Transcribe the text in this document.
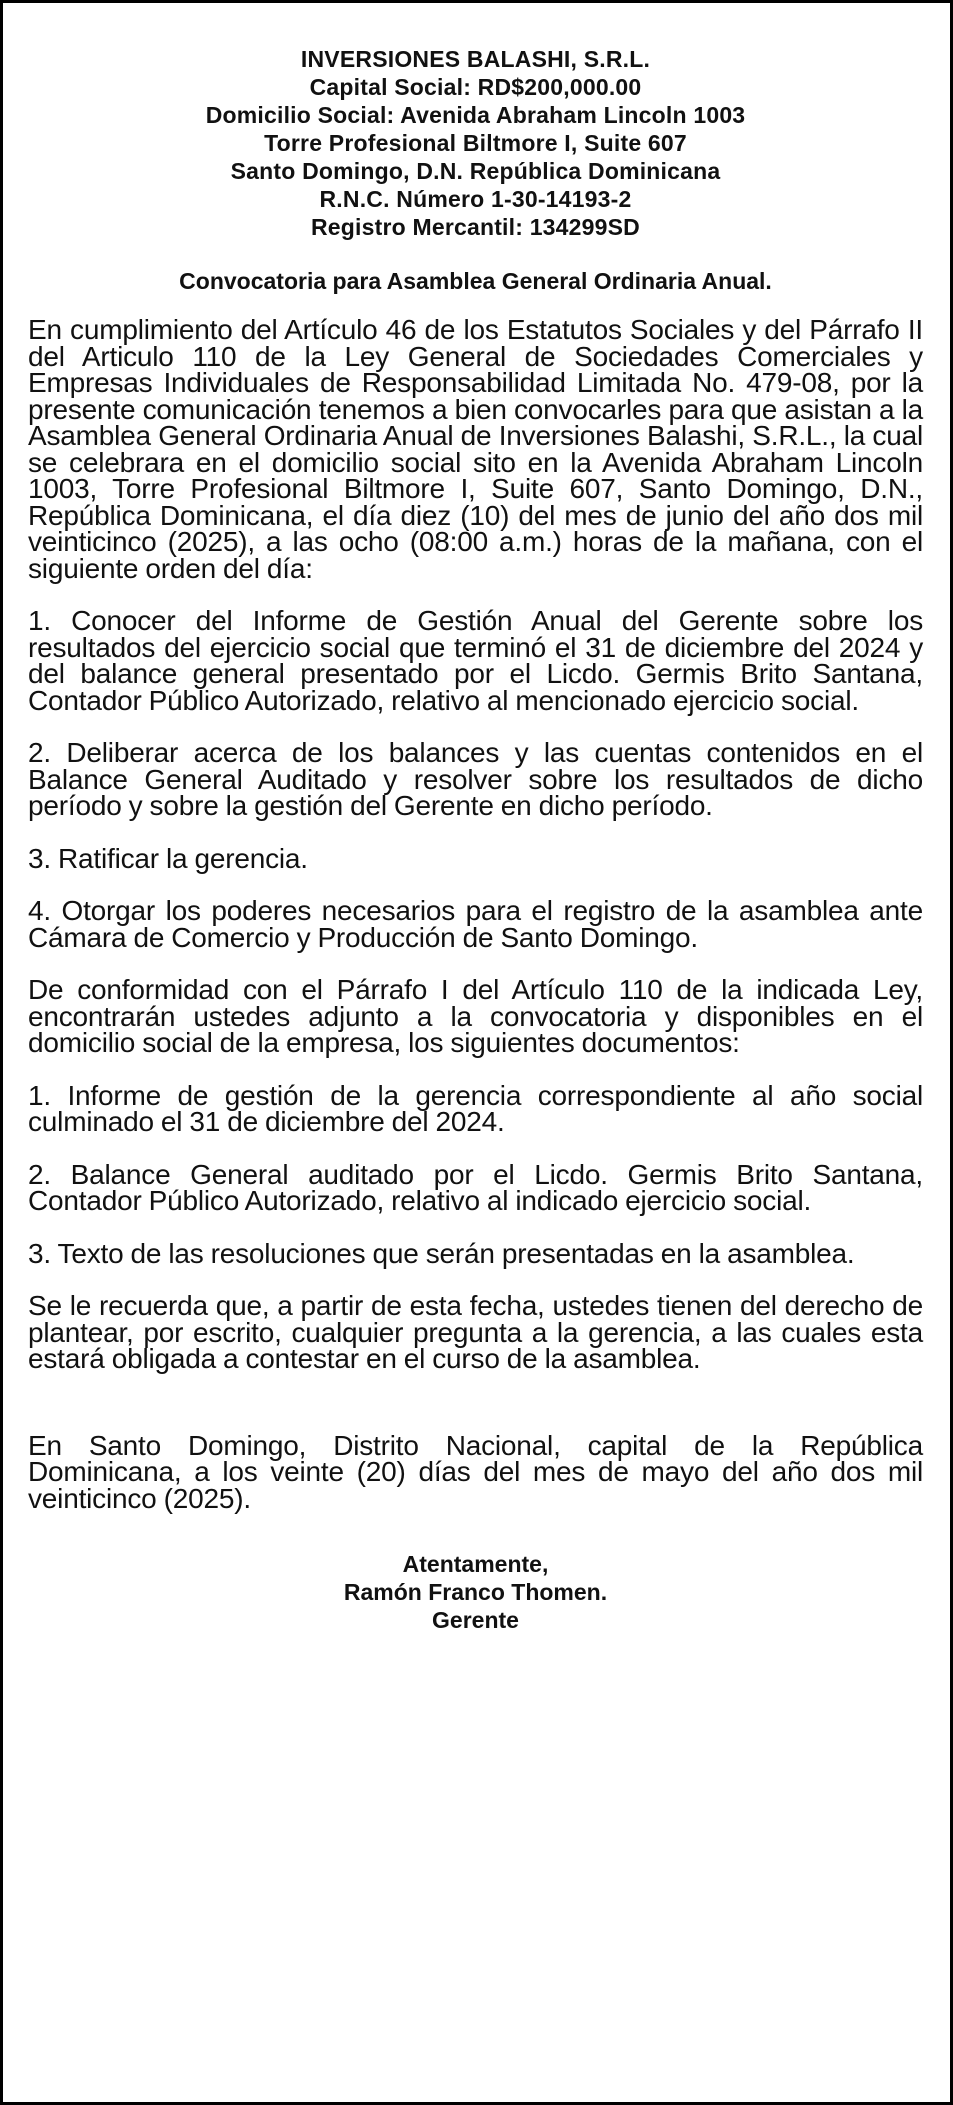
INVERSIONES BALASHI, S.R.L.
Capital Social: RD$200,000.00
Domicilio Social: Avenida Abraham Lincoln 1003
Torre Profesional Biltmore I, Suite 607
Santo Domingo, D.N. República Dominicana
R.N.C. Número 1-30-14193-2
Registro Mercantil: 134299SD
Convocatoria para Asamblea General Ordinaria Anual.

En cumplimiento del Artículo 46 de los Estatutos Sociales y del Párrafo II del Articulo 110 de la Ley General de Sociedades Comerciales y Empresas Individuales de Responsabilidad Limitada No. 479-08, por la presente comunicación tenemos a bien convocarles para que asistan a la Asamblea General Ordinaria Anual de Inversiones Balashi, S.R.L., la cual se celebrara en el domicilio social sito en la Avenida Abraham Lincoln 1003, Torre Profesional Biltmore I, Suite 607, Santo Domingo, D.N., República Dominicana, el día diez (10) del mes de junio del año dos mil veinticinco (2025), a las ocho (08:00 a.m.) horas de la mañana, con el siguiente orden del día:

1. Conocer del Informe de Gestión Anual del Gerente sobre los resultados del ejercicio social que terminó el 31 de diciembre del 2024 y del balance general presentado por el Licdo. Germis Brito Santana, Contador Público Autorizado, relativo al mencionado ejercicio social.

2. Deliberar acerca de los balances y las cuentas contenidos en el Balance General Auditado y resolver sobre los resultados de dicho período y sobre la gestión del Gerente en dicho período.

3. Ratificar la gerencia.

4. Otorgar los poderes necesarios para el registro de la asamblea ante Cámara de Comercio y Producción de Santo Domingo.

De conformidad con el Párrafo I del Artículo 110 de la indicada Ley, encontrarán ustedes adjunto a la convocatoria y disponibles en el domicilio social de la empresa, los siguientes documentos:

1. Informe de gestión de la gerencia correspondiente al año social culminado el 31 de diciembre del 2024.

2. Balance General auditado por el Licdo. Germis Brito Santana, Contador Público Autorizado, relativo al indicado ejercicio social.

3. Texto de las resoluciones que serán presentadas en la asamblea.

Se le recuerda que, a partir de esta fecha, ustedes tienen del derecho de plantear, por escrito, cualquier pregunta a la gerencia, a las cuales esta estará obligada a contestar en el curso de la asamblea.

En Santo Domingo, Distrito Nacional, capital de la República Dominicana, a los veinte (20) días del mes de mayo del año dos mil veinticinco (2025).

Atentamente,
Ramón Franco Thomen.
Gerente
